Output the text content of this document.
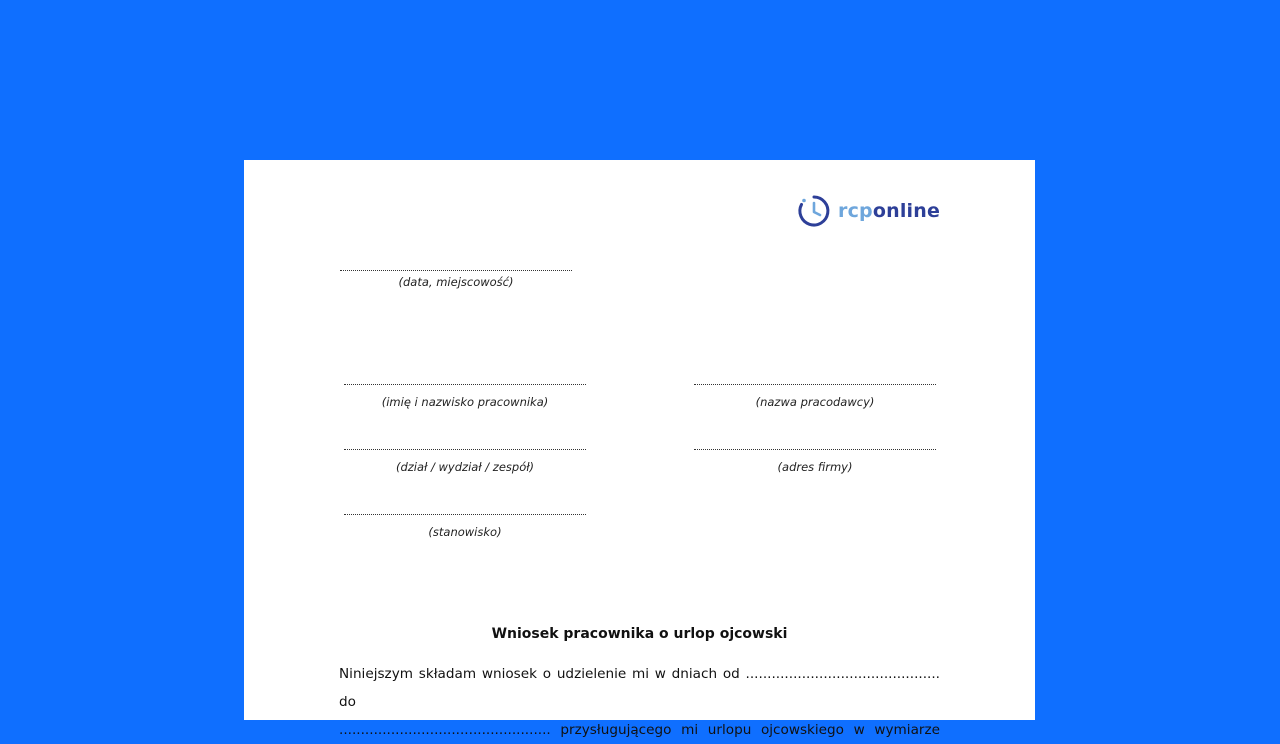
rcponline
(data, miejscowość)
(imię i nazwisko pracownika)	(nazwa pracodawcy)
(dział / wydział / zespół)	(adres firmy)
(stanowisko)
Wniosek pracownika o urlop ojcowski
Niniejszym składam wniosek o udzielenie mi w dniach od ............................................. do
................................................. przysługującego mi urlopu ojcowskiego w wymiarze
